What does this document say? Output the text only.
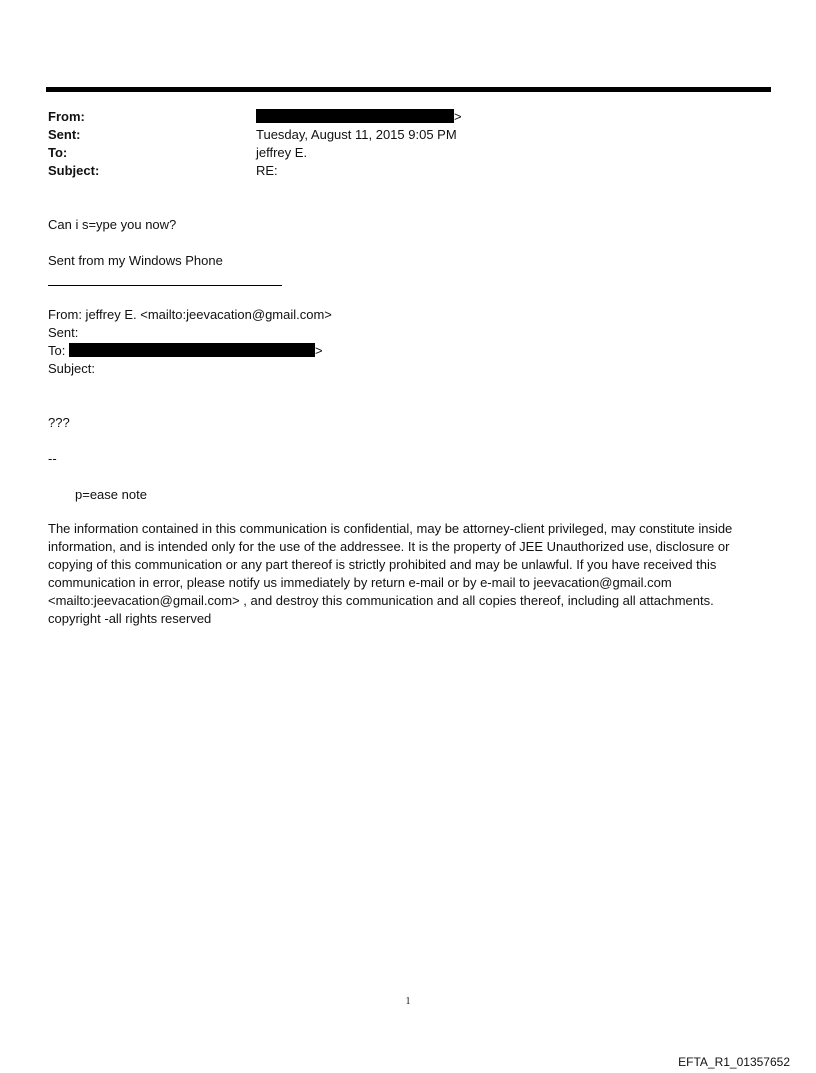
From:	>
Sent:	Tuesday, August 11, 2015 9:05 PM
To:	jeffrey E.
Subject:	RE:
Can i s=ype you now?
Sent from my Windows Phone
From: jeffrey E. <mailto:jeevacation@gmail.com>
Sent:
To:	>
Subject:
???
--
p=ease note
The information contained in this communication is confidential, may be attorney-client privileged, may constitute inside information, and is intended only for the use of the addressee. It is the property of JEE Unauthorized use, disclosure or copying of this communication or any part thereof is strictly prohibited and may be unlawful. If you have received this communication in error, please notify us immediately by return e-mail or by e-mail to jeevacation@gmail.com <mailto:jeevacation@gmail.com> , and destroy this communication and all copies thereof, including all attachments. copyright -all rights reserved
1
EFTA_R1_01357652
